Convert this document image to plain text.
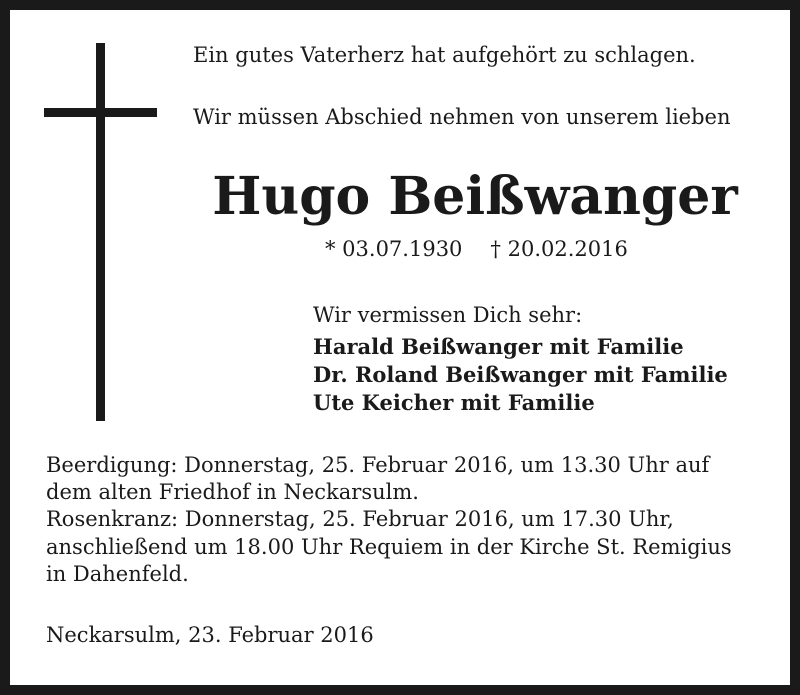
Ein gutes Vaterherz hat aufgehört zu schlagen.
Wir müssen Abschied nehmen von unserem lieben
Hugo Beißwanger
* 03.07.1930 † 20.02.2016
Wir vermissen Dich sehr:
Harald Beißwanger mit Familie
Dr. Roland Beißwanger mit Familie
Ute Keicher mit Familie
Beerdigung: Donnerstag, 25. Februar 2016, um 13.30 Uhr auf
dem alten Friedhof in Neckarsulm.
Rosenkranz: Donnerstag, 25. Februar 2016, um 17.30 Uhr,
anschließend um 18.00 Uhr Requiem in der Kirche St. Remigius
in Dahenfeld.
Neckarsulm, 23. Februar 2016
